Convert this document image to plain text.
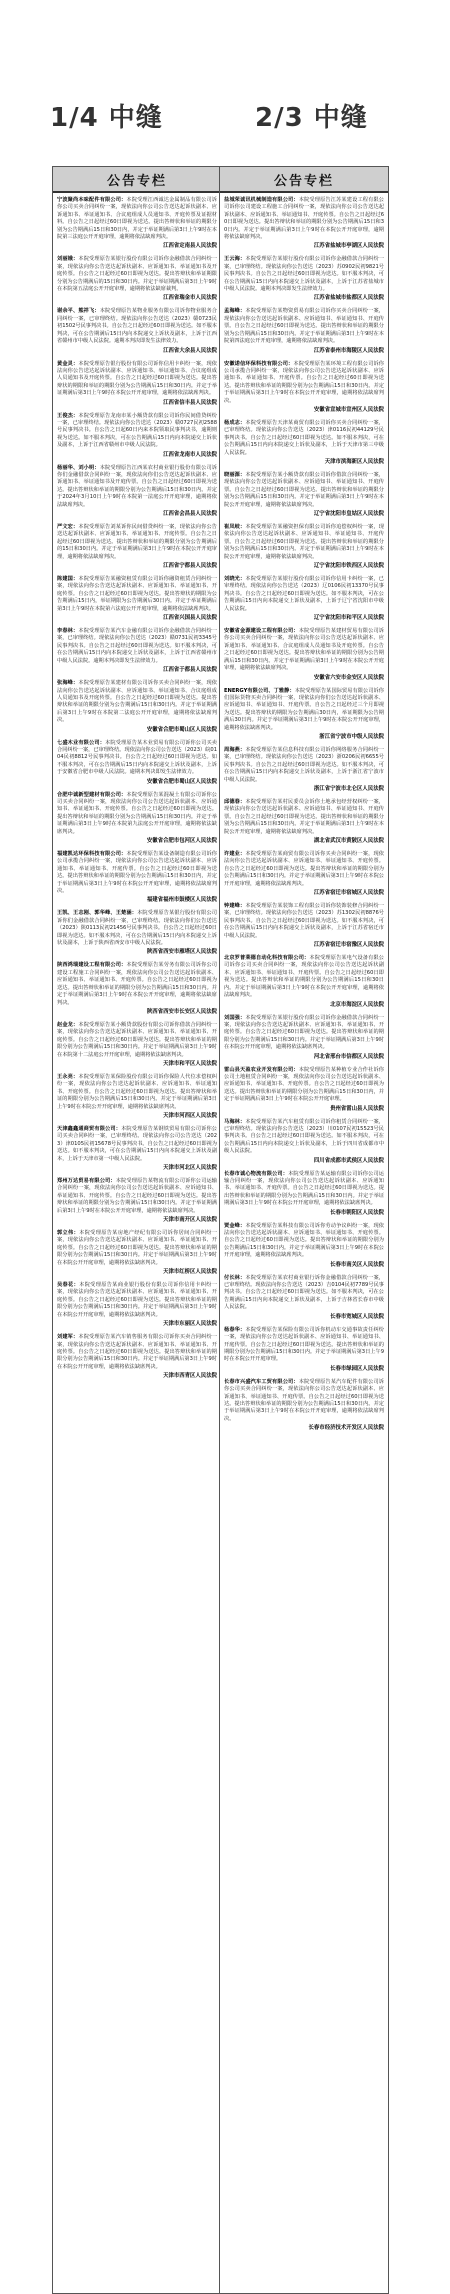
1/4 中缝	2/3 中缝
公告专栏

宁波聚尚本味配件有限公司：本院受理江西诚达金属制品有限公司诉你公司买卖合同纠纷一案，现依法向你公司公告送达起诉状副本、应诉通知书、举证通知书、合议庭组成人员通知书、开庭传票及证据材料。自公告之日起经过60日即视为送达。提出答辩状和举证的期限分别为公告期满后15日和30日内，并定于举证期满后第3日上午9时在本院第三法庭公开开庭审理，逾期将依法缺席判决。

江西省定南县人民法院

刘丽娥：本院受理原告某银行股份有限公司诉你金融借款合同纠纷一案，现依法向你公告送达起诉状副本、应诉通知书、举证通知书及开庭传票。自公告之日起经过60日即视为送达。提出答辩状和举证期限分别为公告期满后的15日和30日内。并定于举证期满后第3日上午9时在本院第五法庭公开开庭审理，逾期将依法缺席裁判。

江西省瑞金市人民法院

谢余平、熊祥飞：本院受理原告某物业服务有限公司诉你物业服务合同纠纷一案，已审理终结。现依法向你公告送达（2023）赣0723民初1502号民事判决书。自公告之日起经过60日即视为送达。如不服本判决，可在公告期满后15日内向本院递交上诉状及副本，上诉于江西省赣州市中级人民法院。逾期本判决即发生法律效力。

江西省大余县人民法院

黄金灵：本院受理原告银行股份有限公司诉你信用卡纠纷一案，现依法向你公告送达起诉状副本、应诉通知书、举证通知书、合议庭组成人员通知书及开庭传票。自公告之日起经过60日即视为送达。提出答辩状的期限和举证的期限分别为公告期满后15日和30日内。并定于举证期满后第3日上午9时在本院公开开庭审理，逾期将依法缺席判决。

江西省信丰县人民法院

王俊杰：本院受理原告龙南市某小额贷款有限公司诉你民间借贷纠纷一案，已审理终结。现依法向你公告送达（2023）赣0727民初2588号民事判决书。自公告之日起60日内来本院领取民事判决书，逾期则视为送达。如不服本判决，可在公告期满后15日内向本院递交上诉状及副本，上诉于江西省赣州市中级人民法院。

江西省龙南市人民法院

杨丽华、刘小明：本院受理原告江西某农村商业银行股份有限公司诉你们金融借款合同纠纷一案，现依法向你们公告送达起诉状副本、应诉通知书、举证通知书及开庭传票。自公告之日起经过60日即视为送达。提出答辩状和举证的期限分别为公告期满后15日和30日内。并定于2024年3月10日上午9时在本院第一法庭公开开庭审理，逾期将依法缺席判决。

江西省会昌县人民法院

严文宏：本院受理原告刘某诉你民间借贷纠纷一案，现依法向你公告送达起诉状副本、应诉通知书、举证通知书、开庭传票。自公告之日起经过60日即视为送达。提出答辩状和举证的期限分别为公告期满后的15日和30日内。并定于举证期满后第3日上午9时在本院公开开庭审理，逾期将依法缺席判决。

江西省宁都县人民法院

陈建国：本院受理原告某融资租赁有限公司诉你融资租赁合同纠纷一案，现依法向你公告送达起诉状副本、应诉通知书、举证通知书、开庭传票。自公告之日起经过60日即视为送达。提出答辩状的期限为公告期满后15日内，举证期限为公告期满后30日内。并定于举证期满后第3日上午9时在本院第六法庭公开开庭审理，逾期将依法缺席判决。

江西省兴国县人民法院

李春林：本院受理原告某汽车金融有限公司诉你金融借款合同纠纷一案，已审理终结。现依法向你公告送达（2023）赣0731民初3345号民事判决书。自公告之日起经过60日即视为送达。如不服本判决，可在公告期满后15日内向本院递交上诉状及副本，上诉于江西省赣州市中级人民法院。逾期本判决即发生法律效力。

江西省于都县人民法院

张海峰：本院受理原告某建材有限公司诉你买卖合同纠纷一案，现依法向你公告送达起诉状副本、应诉通知书、举证通知书、合议庭组成人员通知书及开庭传票。自公告之日起经过60日即视为送达。提出答辩状和举证的期限分别为公告期满后15日和30日内。并定于举证期满后第3日上午9时在本院第二法庭公开开庭审理，逾期将依法缺席判决。

安徽省合肥市蜀山区人民法院

七盛木业有限公司：本院受理原告某木业贸易有限公司诉你公司买卖合同纠纷一案，已审理终结。现依法向你公司公告送达（2023）皖0104民初8812号民事判决书。自公告之日起经过60日即视为送达。如不服本判决，可在公告期满后15日内向本院递交上诉状及副本，上诉于安徽省合肥市中级人民法院。逾期本判决即发生法律效力。

安徽省合肥市蜀山区人民法院

合肥中诚新型建材有限公司：本院受理原告某混凝土有限公司诉你公司买卖合同纠纷一案，现依法向你公司公告送达起诉状副本、应诉通知书、举证通知书、开庭传票。自公告之日起经过60日即视为送达。提出答辩状和举证的期限分别为公告期满后15日和30日内。并定于举证期满后第3日上午9时在本院第九法庭公开开庭审理，逾期将依法缺席判决。

安徽省合肥市包河区人民法院

福建凯达环保科技有限公司：本院受理原告某设备制造有限公司诉你公司承揽合同纠纷一案，现依法向你公司公告送达起诉状副本、应诉通知书、举证通知书、开庭传票。自公告之日起经过60日即视为送达。提出答辩状和举证的期限分别为公告期满后15日和30日内，并定于举证期满后第3日上午9时在本院公开开庭审理，逾期将依法缺席判决。

福建省福州市鼓楼区人民法院

王凯、王志刚、郭华峰、王楚涵：本院受理原告某银行股份有限公司诉你们金融借款合同纠纷一案，已审理终结。现依法向你们公告送达（2023）陕0113民初21456号民事判决书。自公告之日起经过60日即视为送达。如不服本判决，可在公告期满后15日内向本院递交上诉状及副本，上诉于陕西省西安市中级人民法院。

陕西省西安市雁塔区人民法院

陕西鸿瑞建设工程有限公司：本院受理原告某劳务有限公司诉你公司建设工程施工合同纠纷一案，现依法向你公司公告送达起诉状副本、应诉通知书、举证通知书、开庭传票。自公告之日起经过60日即视为送达。提出答辩状和举证的期限分别为公告期满后15日和30日内。并定于举证期满后第3日上午9时在本院公开开庭审理，逾期将依法缺席判决。

陕西省西安市长安区人民法院

赵金龙：本院受理原告某小额贷款股份有限公司诉你借款合同纠纷一案，现依法向你公告送达起诉状副本、应诉通知书、举证通知书、开庭传票。自公告之日起经过60日即视为送达。提出答辩状和举证的期限分别为公告期满后15日和30日内。并定于举证期满后第3日上午9时在本院第十二法庭公开开庭审理，逾期将依法缺席判决。

天津市和平区人民法院

王永亮：本院受理原告某保险股份有限公司诉你保险人代位求偿权纠纷一案，现依法向你公告送达起诉状副本、应诉通知书、举证通知书、开庭传票。自公告之日起经过60日即视为送达。提出答辩状和举证的期限分别为公告期满后15日和30日内。并定于举证期满后第3日上午9时在本院公开开庭审理，逾期将依法缺席判决。

天津市河西区人民法院

天津鑫鑫通商贸有限公司：本院受理原告某钢铁贸易有限公司诉你公司买卖合同纠纷一案，已审理终结。现依法向你公司公告送达（2023）津0105民初15678号民事判决书。自公告之日起经过60日即视为送达。如不服本判决，可在公告期满后15日内向本院递交上诉状及副本，上诉于天津市第一中级人民法院。

天津市河北区人民法院

郑州万达贸易有限公司：本院受理原告某物流有限公司诉你公司运输合同纠纷一案，现依法向你公司公告送达起诉状副本、应诉通知书、举证通知书、开庭传票。自公告之日起经过60日即视为送达。提出答辩状和举证的期限分别为公告期满后15日和30日内。并定于举证期满后第3日上午9时在本院公开开庭审理，逾期将依法缺席判决。

天津市南开区人民法院

郭立伟：本院受理原告某房地产经纪有限公司诉你居间合同纠纷一案，现依法向你公告送达起诉状副本、应诉通知书、举证通知书、开庭传票。自公告之日起经过60日即视为送达。提出答辩状和举证的期限分别为公告期满后15日和30日内。并定于举证期满后第3日上午9时在本院公开开庭审理，逾期将依法缺席判决。

天津市红桥区人民法院

吴春花：本院受理原告某商业银行股份有限公司诉你信用卡纠纷一案，现依法向你公告送达起诉状副本、应诉通知书、举证通知书、开庭传票。自公告之日起经过60日即视为送达。提出答辩状和举证的期限分别为公告期满后15日和30日内。并定于举证期满后第3日上午9时在本院公开开庭审理，逾期将依法缺席判决。

天津市东丽区人民法院

刘建军：本院受理原告某汽车销售服务有限公司诉你买卖合同纠纷一案，现依法向你公告送达起诉状副本、应诉通知书、举证通知书、开庭传票。自公告之日起经过60日即视为送达。提出答辩状和举证的期限分别为公告期满后15日和30日内。并定于举证期满后第3日上午9时在本院公开开庭审理，逾期将依法缺席判决。

天津市西青区人民法院
公告专栏

盐城荣诚讯机械制造有限公司：本院受理原告江苏某建设工程有限公司诉你公司建设工程施工合同纠纷一案，现依法向你公司公告送达起诉状副本、应诉通知书、举证通知书、开庭传票。自公告之日起经过60日即视为送达。提出答辩状和举证的期限分别为公告期满后15日和30日内。并定于举证期满后第3日上午9时在本院公开开庭审理，逾期将依法缺席判决。

江苏省盐城市亭湖区人民法院

王云海：本院受理原告某银行股份有限公司诉你金融借款合同纠纷一案，已审理终结。现依法向你公告送达（2023）苏0902民初9821号民事判决书。自公告之日起经过60日即视为送达。如不服本判决，可在公告期满后15日内向本院递交上诉状及副本，上诉于江苏省盐城市中级人民法院。逾期本判决即发生法律效力。

江苏省盐城市盐都区人民法院

孟海峰：本院受理原告某物资贸易有限公司诉你买卖合同纠纷一案，现依法向你公告送达起诉状副本、应诉通知书、举证通知书、开庭传票。自公告之日起经过60日即视为送达。提出答辩状和举证的期限分别为公告期满后15日和30日内。并定于举证期满后第3日上午9时在本院第四法庭公开开庭审理，逾期将依法缺席判决。

江苏省泰州市海陵区人民法院

安徽诺信环保科技有限公司：本院受理原告某环境工程有限公司诉你公司承揽合同纠纷一案，现依法向你公司公告送达起诉状副本、应诉通知书、举证通知书、开庭传票。自公告之日起经过60日即视为送达。提出答辩状和举证的期限分别为公告期满后15日和30日内。并定于举证期满后第3日上午9时在本院公开开庭审理，逾期将依法缺席判决。

安徽省宣城市宣州区人民法院

杨成志：本院受理原告天津某商贸有限公司诉你买卖合同纠纷一案，已审理终结。现依法向你公告送达（2023）津0116民初44129号民事判决书。自公告之日起经过60日即视为送达。如不服本判决，可在公告期满后15日内向本院递交上诉状及副本，上诉于天津市第三中级人民法院。

天津市滨海新区人民法院

晓丽源：本院受理原告某小额贷款有限公司诉你借款合同纠纷一案，现依法向你公告送达起诉状副本、应诉通知书、举证通知书、开庭传票。自公告之日起经过60日即视为送达。提出答辩状和举证的期限分别为公告期满后15日和30日内。并定于举证期满后第3日上午9时在本院公开开庭审理，逾期将依法缺席判决。

辽宁省沈阳市皇姑区人民法院

崔凤岐：本院受理原告某融资担保有限公司诉你追偿权纠纷一案，现依法向你公告送达起诉状副本、应诉通知书、举证通知书、开庭传票。自公告之日起经过60日即视为送达。提出答辩状和举证的期限分别为公告期满后15日和30日内。并定于举证期满后第3日上午9时在本院公开开庭审理，逾期将依法缺席判决。

辽宁省沈阳市铁西区人民法院

刘晓光：本院受理原告某银行股份有限公司诉你信用卡纠纷一案，已审理终结。现依法向你公告送达（2023）辽0106民初13370号民事判决书。自公告之日起经过60日即视为送达。如不服本判决，可在公告期满后15日内向本院递交上诉状及副本，上诉于辽宁省沈阳市中级人民法院。

辽宁省沈阳市和平区人民法院

安徽省金源建设工程有限公司：本院受理原告某建材贸易有限公司诉你公司买卖合同纠纷一案，现依法向你公司公告送达起诉状副本、应诉通知书、举证通知书、合议庭组成人员通知书及开庭传票。自公告之日起经过60日即视为送达。提出答辩状和举证的期限分别为公告期满后15日和30日内。并定于举证期满后第3日上午9时在本院公开开庭审理，逾期将依法缺席判决。

安徽省六安市金安区人民法院

ENERGY有限公司、丁雅静：本院受理原告某国际贸易有限公司诉你们国际货物买卖合同纠纷一案，现依法向你们公告送达起诉状副本、应诉通知书、举证通知书、开庭传票。自公告之日起经过三个月即视为送达。提出答辩状的期限为公告期满后30日内，举证期限为公告期满后30日内。并定于举证期满后第3日上午9时在本院公开开庭审理，逾期将依法缺席判决。

浙江省宁波市中级人民法院

周海燕：本院受理原告某信息科技有限公司诉你网络服务合同纠纷一案，已审理终结。现依法向你公告送达（2023）浙0206民初6655号民事判决书。自公告之日起经过60日即视为送达。如不服本判决，可在公告期满后15日内向本院递交上诉状及副本，上诉于浙江省宁波市中级人民法院。

浙江省宁波市北仑区人民法院

邱德春：本院受理原告某村民委员会诉你土地承包经营权纠纷一案，现依法向你公告送达起诉状副本、应诉通知书、举证通知书、开庭传票。自公告之日起经过60日即视为送达。提出答辩状和举证的期限分别为公告期满后15日和30日内。并定于举证期满后第3日上午9时在本院公开开庭审理，逾期将依法缺席判决。

湖北省武汉市黄陂区人民法院

许建业：本院受理原告某商贸有限公司诉你买卖合同纠纷一案，现依法向你公告送达起诉状副本、应诉通知书、举证通知书、开庭传票。自公告之日起经过60日即视为送达。提出答辩状和举证的期限分别为公告期满后15日和30日内。并定于举证期满后第3日上午9时在本院公开开庭审理，逾期将依法缺席判决。

江苏省宿迁市宿城区人民法院

钟建峰：本院受理原告某装饰工程有限公司诉你装饰装修合同纠纷一案，已审理终结。现依法向你公告送达（2023）苏1302民初8876号民事判决书。自公告之日起经过60日即视为送达。如不服本判决，可在公告期满后15日内向本院递交上诉状及副本，上诉于江苏省宿迁市中级人民法院。

江苏省宿迁市宿豫区人民法院

北京罗普莱德自动化科技有限公司：本院受理原告某电气设备有限公司诉你公司买卖合同纠纷一案，现依法向你公司公告送达起诉状副本、应诉通知书、举证通知书、开庭传票。自公告之日起经过60日即视为送达。提出答辩状和举证的期限分别为公告期满后15日和30日内。并定于举证期满后第3日上午9时在本院公开开庭审理，逾期将依法缺席判决。

北京市海淀区人民法院

刘国强：本院受理原告某银行股份有限公司诉你金融借款合同纠纷一案，现依法向你公告送达起诉状副本、应诉通知书、举证通知书、开庭传票。自公告之日起经过60日即视为送达。提出答辩状和举证的期限分别为公告期满后15日和30日内。并定于举证期满后第3日上午9时在本院公开开庭审理，逾期将依法缺席判决。

河北省邢台市信都区人民法院

雷山县天盈农业开发有限公司：本院受理原告某种植专业合作社诉你公司土地租赁合同纠纷一案，现依法向你公司公告送达起诉状副本、应诉通知书、举证通知书、开庭传票。自公告之日起经过60日即视为送达。提出答辩状和举证的期限分别为公告期满后15日和30日内，并定于举证期满后第3日上午9时在本院公开开庭审理。

贵州省雷山县人民法院

马海林：本院受理原告某汽车租赁有限公司诉你租赁合同纠纷一案，已审理终结。现依法向你公告送达（2023）川0107民初15523号民事判决书。自公告之日起经过60日即视为送达。如不服本判决，可在公告期满后15日内向本院递交上诉状及副本，上诉于四川省成都市中级人民法院。

四川省成都市武侯区人民法院

长春市诚心物流有限公司：本院受理原告某运输有限公司诉你公司运输合同纠纷一案，现依法向你公司公告送达起诉状副本、应诉通知书、举证通知书、开庭传票。自公告之日起经过60日即视为送达。提出答辩状和举证的期限分别为公告期满后15日和30日内。并定于举证期满后第3日上午9时在本院公开开庭审理，逾期将依法缺席判决。

长春市朝阳区人民法院

贾金峰：本院受理原告某科技有限公司诉你劳动争议纠纷一案，现依法向你公告送达起诉状副本、应诉通知书、举证通知书、开庭传票。自公告之日起经过60日即视为送达。提出答辩状和举证的期限分别为公告期满后15日和30日内。并定于举证期满后第3日上午9时在本院公开开庭审理，逾期将依法缺席判决。

长春市南关区人民法院

付长林：本院受理原告某农村商业银行诉你金融借款合同纠纷一案，已审理终结。现依法向你公告送达（2023）吉0104民初7789号民事判决书。自公告之日起经过60日即视为送达。如不服本判决，可在公告期满后15日内向本院递交上诉状及副本，上诉于吉林省长春市中级人民法院。

长春市宽城区人民法院

杨春华：本院受理原告某保险有限公司诉你机动车交通事故责任纠纷一案，现依法向你公告送达起诉状副本、应诉通知书、举证通知书、开庭传票。自公告之日起经过60日即视为送达。提出答辩状和举证的期限分别为公告期满后15日和30日内。并定于举证期满后第3日上午9时在本院公开开庭审理。

长春市绿园区人民法院

长春市兴盛汽车工贸有限公司：本院受理原告某汽车配件有限公司诉你公司买卖合同纠纷一案，现依法向你公司公告送达起诉状副本、应诉通知书、举证通知书、开庭传票。自公告之日起经过60日即视为送达。提出答辩状和举证的期限分别为公告期满后15日和30日内。并定于举证期满后第3日上午9时在本院公开开庭审理，逾期将依法缺席判决。

长春市经济技术开发区人民法院
